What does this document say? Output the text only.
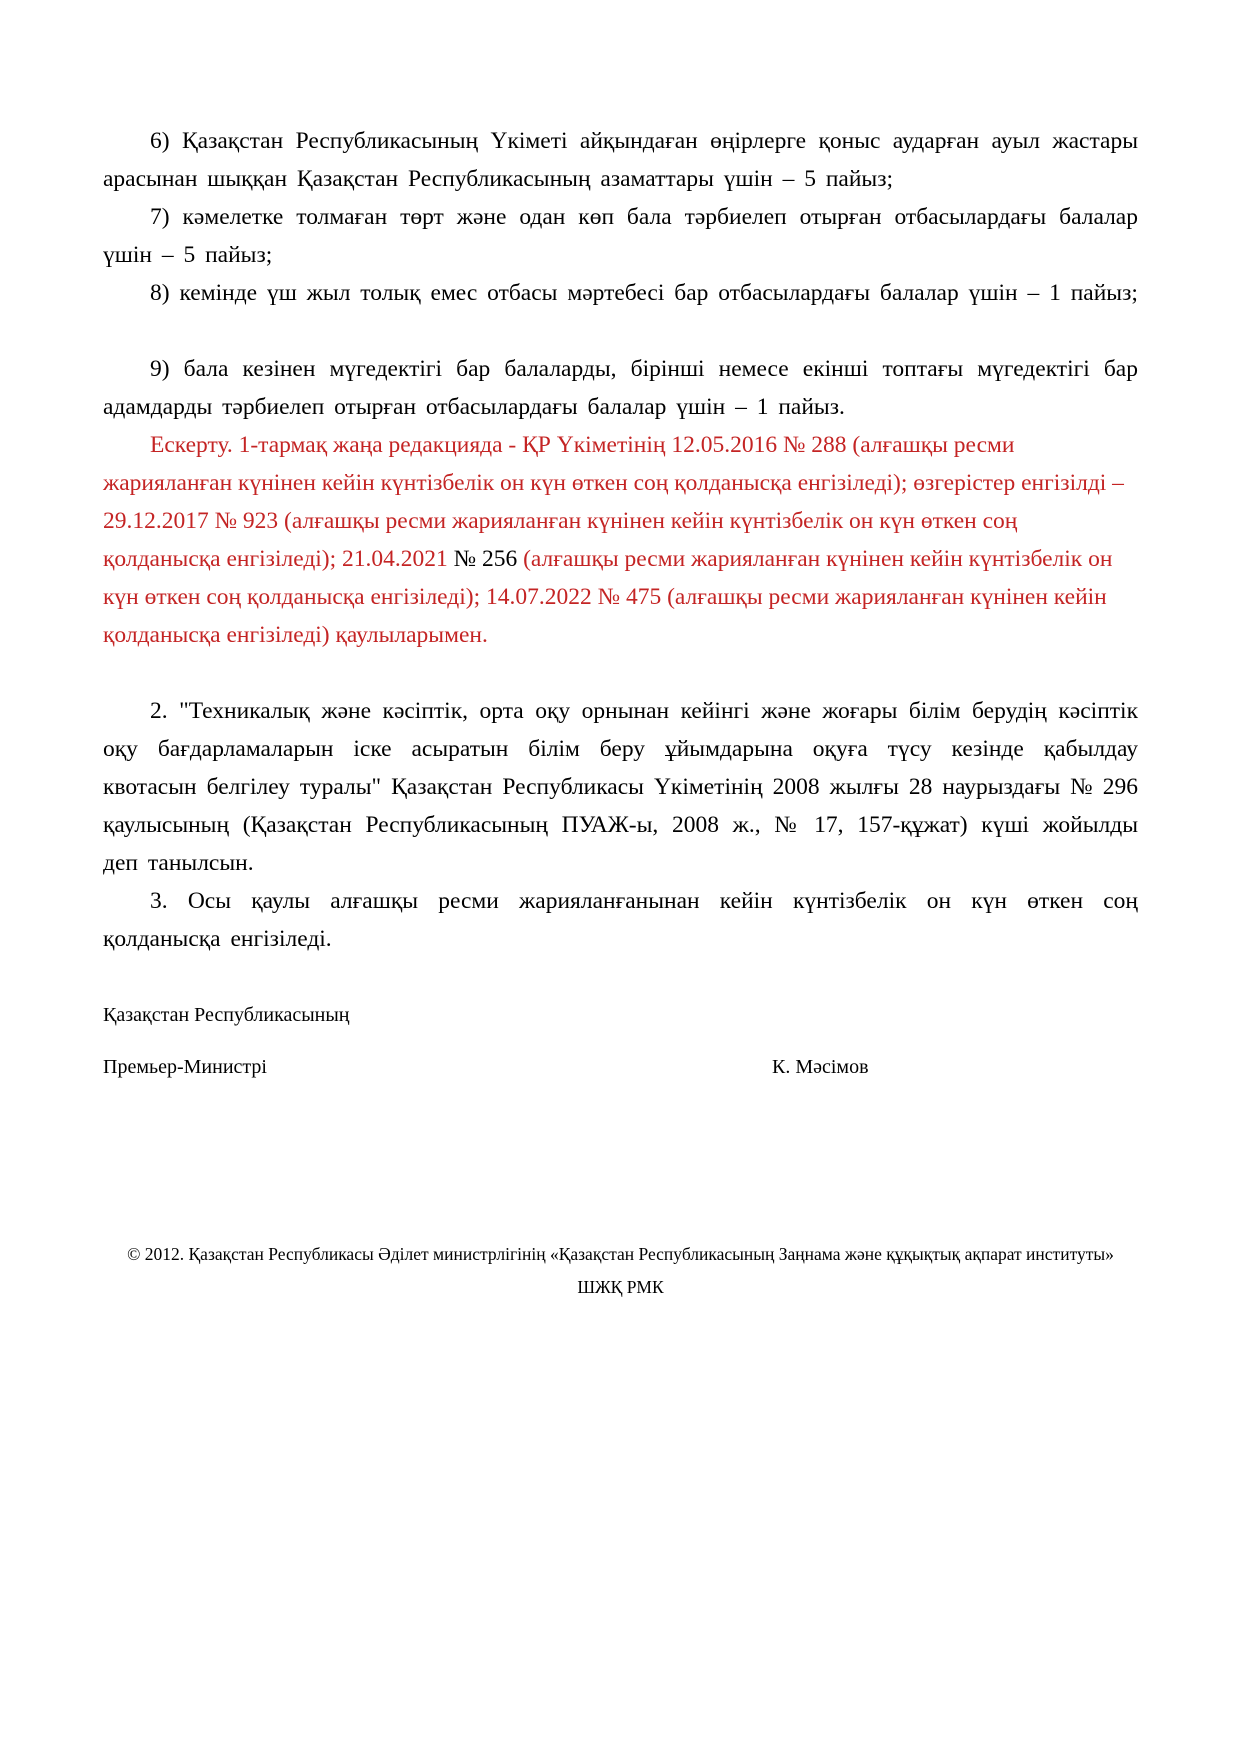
6) Қазақстан Республикасының Үкіметі айқындаған өңірлерге қоныс аударған ауыл жастары арасынан шыққан Қазақстан Республикасының азаматтары үшін – 5 пайыз;

7) кәмелетке толмаған төрт және одан көп бала тәрбиелеп отырған отбасылардағы балалар үшін – 5 пайыз;

8) кемінде үш жыл толық емес отбасы мәртебесі бар отбасылардағы балалар үшін – 1 пайыз;

9) бала кезінен мүгедектігі бар балаларды, бірінші немесе екінші топтағы мүгедектігі бар адамдарды тәрбиелеп отырған отбасылардағы балалар үшін – 1 пайыз.

Ескерту. 1-тармақ жаңа редакцияда - ҚР Үкіметінің 12.05.2016 № 288 (алғашқы ресми жарияланған күнінен кейін күнтізбелік он күн өткен соң қолданысқа енгізіледі); өзгерістер енгізілді – 29.12.2017 № 923 (алғашқы ресми жарияланған күнінен кейін күнтізбелік он күн өткен соң қолданысқа енгізіледі); 21.04.2021 № 256 (алғашқы ресми жарияланған күнінен кейін күнтізбелік он күн өткен соң қолданысқа енгізіледі); 14.07.2022 № 475 (алғашқы ресми жарияланған күнінен кейін қолданысқа енгізіледі) қаулыларымен.

2. "Техникалық және кәсіптік, орта оқу орнынан кейінгі және жоғары білім берудің кәсіптік оқу бағдарламаларын іске асыратын білім беру ұйымдарына оқуға түсу кезінде қабылдау квотасын белгілеу туралы" Қазақстан Республикасы Үкіметінің 2008 жылғы 28 наурыздағы № 296 қаулысының (Қазақстан Республикасының ПУАЖ-ы, 2008 ж., № 17, 157-құжат) күші жойылды деп танылсын.

3. Осы қаулы алғашқы ресми жарияланғанынан кейін күнтізбелік он күн өткен соң қолданысқа енгізіледі.

Қазақстан Республикасының
Премьер-Министрі	К. Мәсімов
© 2012. Қазақстан Республикасы Әділет министрлігінің «Қазақстан Республикасының Заңнама және құқықтық ақпарат институты» ШЖҚ РМК
